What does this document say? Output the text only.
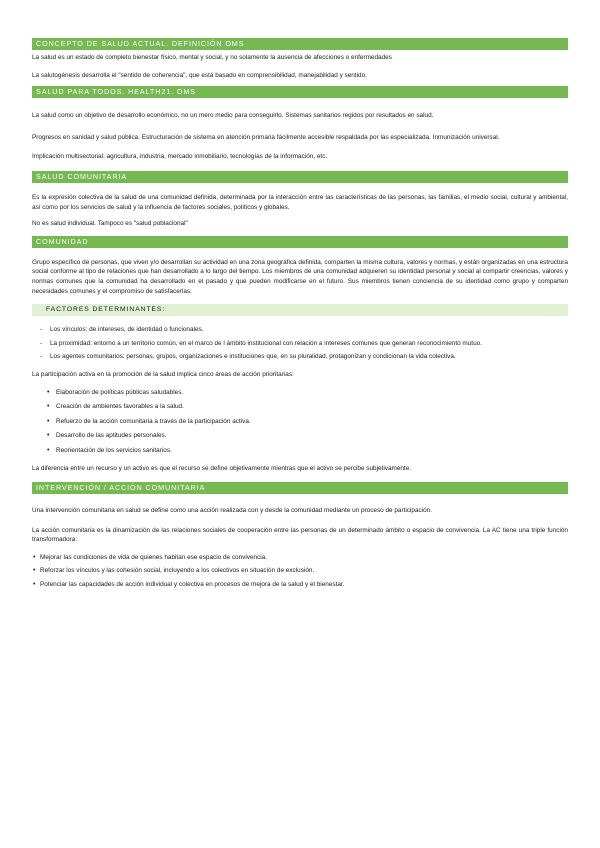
CONCEPTO DE SALUD ACTUAL. DEFINICIÓN OMS

La salud es un estado de completo bienestar físico, mental y social, y no solamente la ausencia de afecciones o enfermedades

La salutogénesis desarrolla el "sentido de coherencia", que está basado en comprensibilidad, manejabilidad y sentido.

SALUD PARA TODOS. HEALTH21. OMS

La salud como un objetivo de desarrollo económico, no un mero medio para conseguirlo. Sistemas sanitarios regidos por resultados en salud.

Progresos en sanidad y salud pública. Estructuración de sistema en atención primaria fácilmente accesible respaldada por las especializada. Inmunización universal.

Implicación multisectorial: agricultura, industria, mercado inmobiliario, tecnologías de la información, etc.

SALUD COMUNITARIA

Es la expresión colectiva de la salud de una comunidad definida, determinada por la interacción entre las características de las personas, las familias, el medio social, cultural y ambiental, así como por los servicios de salud y la influencia de factores sociales, políticos y globales.

No es salud individual. Tampoco es "salud poblacional"

COMUNIDAD

Grupo específico de personas, que viven y/o desarrollan su actividad en una zona geográfica definida, comparten la misma cultura, valores y normas, y están organizadas en una estructura social conforme al tipo de relaciones que han desarrollado a lo largo del tiempo. Los miembros de una comunidad adquieren su identidad personal y social al compartir creencias, valores y normas comunes que la comunidad ha desarrollado en el pasado y que pueden modificarse en el futuro. Sus miembros tienen conciencia de su identidad como grupo y comparten necesidades comunes y el compromiso de satisfacerlas.

FACTORES DETERMINANTES:
- Los vínculos: de intereses, de identidad o funcionales.
- La proximidad: entorno a un territorio común, en el marco de l ámbito institucional con relación a intereses comunes que generan reconocimiento mutuo.
- Los agentes comunitarios: personas, grupos, organizaciones e instituciones que, en su pluralidad, protagonizan y condicionan la vida colectiva.

La participación activa en la promoción de la salud implica cinco áreas de acción prioritarias:

• Elaboración de políticas públicas saludables.
• Creación de ambientes favorables a la salud.
• Refuerzo de la acción comunitaria a través de la participación activa.
• Desarrollo de las aptitudes personales.
• Reorientación de los servicios sanitarios.

La diferencia entre un recurso y un activo es que el recurso se define objetivamente mientras que el activo se percibe subjetivamente.

INTERVENCIÓN / ACCIÓN COMUNITARIA

Una intervención comunitaria en salud se define como una acción realizada con y desde la comunidad mediante un proceso de participación.

La acción comunitaria es la dinamización de las relaciones sociales de cooperación entre las personas de un determinado ámbito o espacio de convivencia. La AC tiene una triple función transformadora:

• Mejorar las condiciones de vida de quienes habitan ese espacio de convivencia.
• Reforzar los vínculos y las cohesión social, incluyendo a los colectivos en situación de exclusión.
• Potenciar las capacidades de acción individual y colectiva en procesos de mejora de la salud y el bienestar.
